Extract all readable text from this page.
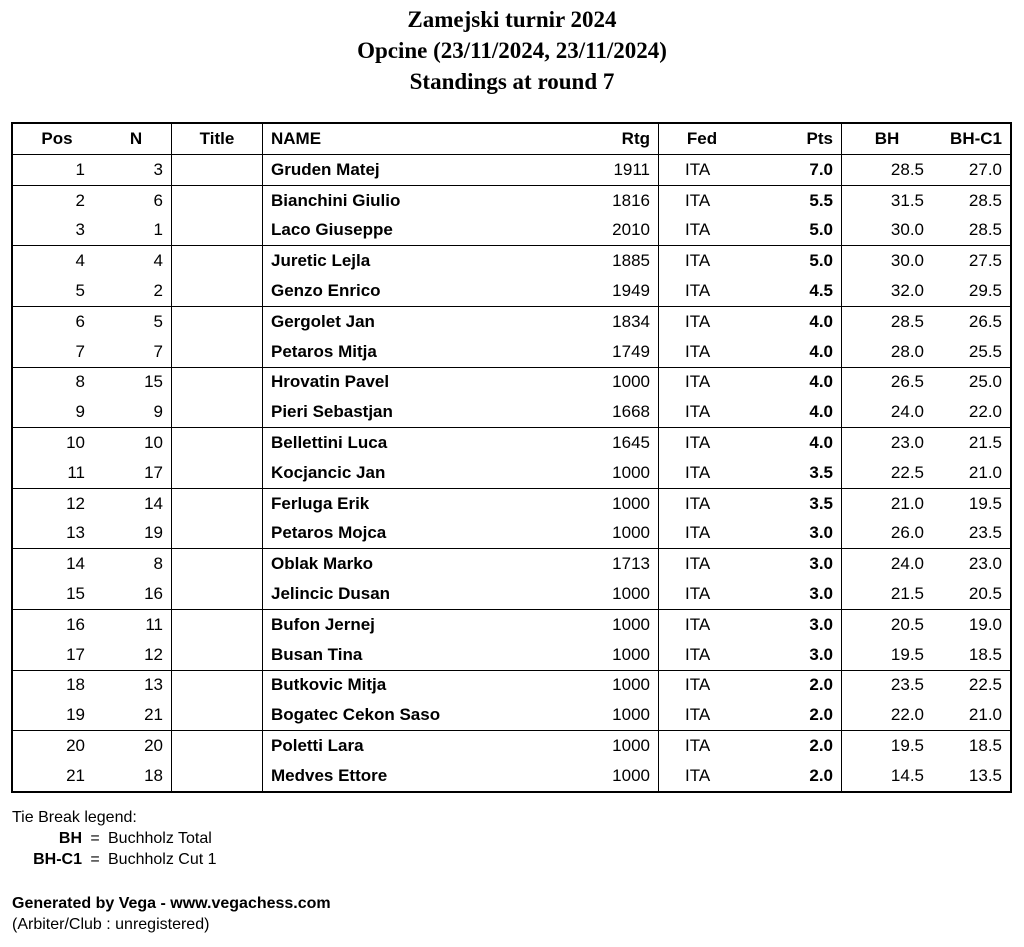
Zamejski turnir 2024
Opcine (23/11/2024, 23/11/2024)
Standings at round 7
Pos	N	Title	NAME	Rtg	Fed	Pts	BH	BH-C1
1	3		Gruden Matej	1911	ITA	7.0	28.5	27.0
2	6		Bianchini Giulio	1816	ITA	5.5	31.5	28.5
3	1		Laco Giuseppe	2010	ITA	5.0	30.0	28.5
4	4		Juretic Lejla	1885	ITA	5.0	30.0	27.5
5	2		Genzo Enrico	1949	ITA	4.5	32.0	29.5
6	5		Gergolet Jan	1834	ITA	4.0	28.5	26.5
7	7		Petaros Mitja	1749	ITA	4.0	28.0	25.5
8	15		Hrovatin Pavel	1000	ITA	4.0	26.5	25.0
9	9		Pieri Sebastjan	1668	ITA	4.0	24.0	22.0
10	10		Bellettini Luca	1645	ITA	4.0	23.0	21.5
11	17		Kocjancic Jan	1000	ITA	3.5	22.5	21.0
12	14		Ferluga Erik	1000	ITA	3.5	21.0	19.5
13	19		Petaros Mojca	1000	ITA	3.0	26.0	23.5
14	8		Oblak Marko	1713	ITA	3.0	24.0	23.0
15	16		Jelincic Dusan	1000	ITA	3.0	21.5	20.5
16	11		Bufon Jernej	1000	ITA	3.0	20.5	19.0
17	12		Busan Tina	1000	ITA	3.0	19.5	18.5
18	13		Butkovic Mitja	1000	ITA	2.0	23.5	22.5
19	21		Bogatec Cekon Saso	1000	ITA	2.0	22.0	21.0
20	20		Poletti Lara	1000	ITA	2.0	19.5	18.5
21	18		Medves Ettore	1000	ITA	2.0	14.5	13.5
Tie Break legend:
BH = Buchholz Total
BH-C1 = Buchholz Cut 1
Generated by Vega - www.vegachess.com
(Arbiter/Club : unregistered)
